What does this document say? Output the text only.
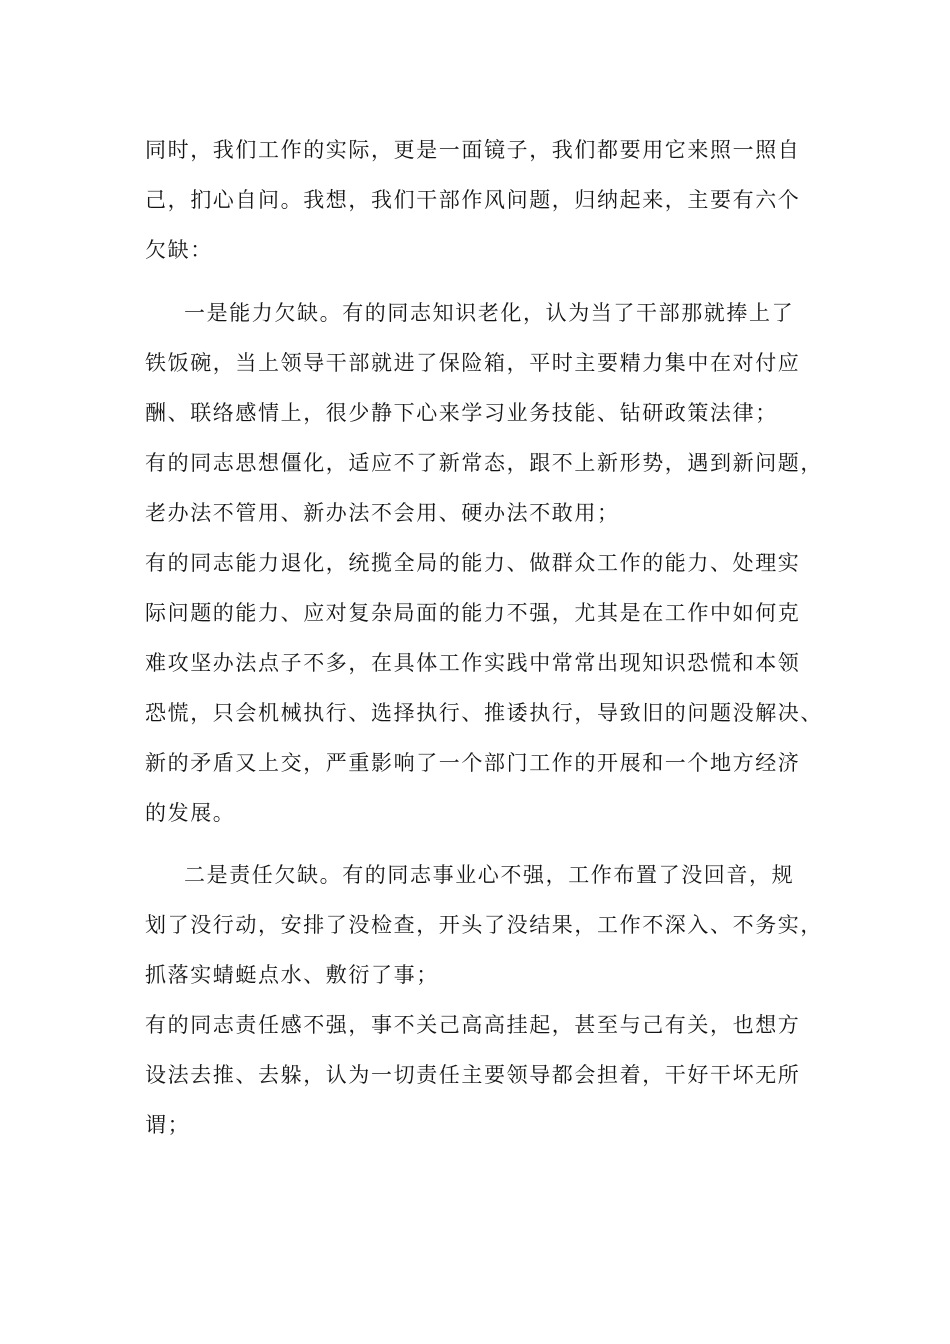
同时，我们工作的实际，更是一面镜子，我们都要用它来照一照自

己，扪心自问。我想，我们干部作风问题，归纳起来，主要有六个

欠缺：

一是能力欠缺。有的同志知识老化，认为当了干部那就捧上了

铁饭碗，当上领导干部就进了保险箱，平时主要精力集中在对付应

酬、联络感情上，很少静下心来学习业务技能、钻研政策法律；

有的同志思想僵化，适应不了新常态，跟不上新形势，遇到新问题，

老办法不管用、新办法不会用、硬办法不敢用；

有的同志能力退化，统揽全局的能力、做群众工作的能力、处理实

际问题的能力、应对复杂局面的能力不强，尤其是在工作中如何克

难攻坚办法点子不多，在具体工作实践中常常出现知识恐慌和本领

恐慌，只会机械执行、选择执行、推诿执行，导致旧的问题没解决、

新的矛盾又上交，严重影响了一个部门工作的开展和一个地方经济

的发展。

二是责任欠缺。有的同志事业心不强，工作布置了没回音，规

划了没行动，安排了没检查，开头了没结果，工作不深入、不务实，

抓落实蜻蜓点水、敷衍了事；

有的同志责任感不强，事不关己高高挂起，甚至与己有关，也想方

设法去推、去躲，认为一切责任主要领导都会担着，干好干坏无所

谓；
